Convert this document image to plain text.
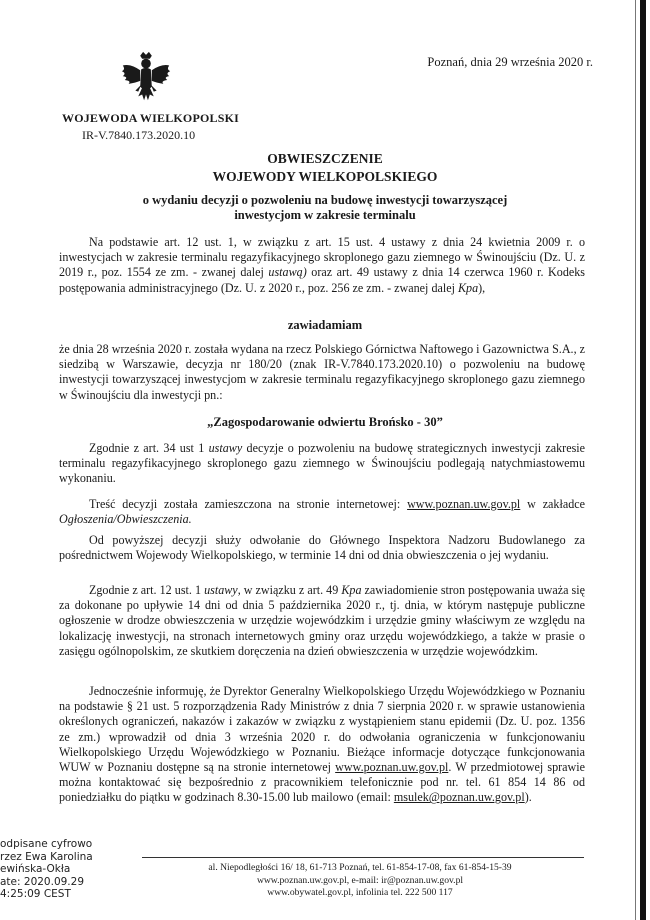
Poznań, dnia 29 września 2020 r.
WOJEWODA WIELKOPOLSKI
IR-V.7840.173.2020.10
OBWIESZCZENIE
WOJEWODY WIELKOPOLSKIEGO
o wydaniu decyzji o pozwoleniu na budowę inwestycji towarzyszącej
inwestycjom w zakresie terminalu

Na podstawie art. 12 ust. 1, w związku z art. 15 ust. 4 ustawy z dnia 24 kwietnia 2009 r. o inwestycjach w zakresie terminalu regazyfikacyjnego skroplonego gazu ziemnego w Świnoujściu (Dz. U. z 2019 r., poz. 1554 ze zm. - zwanej dalej ustawą) oraz art. 49 ustawy z dnia 14 czerwca 1960 r. Kodeks postępowania administracyjnego (Dz. U. z 2020 r., poz. 256 ze zm. - zwanej dalej Kpa),

zawiadamiam

że dnia 28 września 2020 r. została wydana na rzecz Polskiego Górnictwa Naftowego i Gazownictwa S.A., z siedzibą w Warszawie, decyzja nr 180/20 (znak IR-V.7840.173.2020.10) o pozwoleniu na budowę inwestycji towarzyszącej inwestycjom w zakresie terminalu regazyfikacyjnego skroplonego gazu ziemnego w Świnoujściu dla inwestycji pn.:

„Zagospodarowanie odwiertu Brońsko - 30”

Zgodnie z art. 34 ust 1 ustawy decyzje o pozwoleniu na budowę strategicznych inwestycji zakresie terminalu regazyfikacyjnego skroplonego gazu ziemnego w Świnoujściu podlegają natychmiastowemu wykonaniu.

Treść decyzji została zamieszczona na stronie internetowej: www.poznan.uw.gov.pl w zakładce Ogłoszenia/Obwieszczenia.

Od powyższej decyzji służy odwołanie do Głównego Inspektora Nadzoru Budowlanego za pośrednictwem Wojewody Wielkopolskiego, w terminie 14 dni od dnia obwieszczenia o jej wydaniu.

Zgodnie z art. 12 ust. 1 ustawy, w związku z art. 49 Kpa zawiadomienie stron postępowania uważa się za dokonane po upływie 14 dni od dnia 5 października 2020 r., tj. dnia, w którym następuje publiczne ogłoszenie w drodze obwieszczenia w urzędzie wojewódzkim i urzędzie gminy właściwym ze względu na lokalizację inwestycji, na stronach internetowych gminy oraz urzędu wojewódzkiego, a także w prasie o zasięgu ogólnopolskim, ze skutkiem doręczenia na dzień obwieszczenia w urzędzie wojewódzkim.

Jednocześnie informuję, że Dyrektor Generalny Wielkopolskiego Urzędu Wojewódzkiego w Poznaniu na podstawie § 21 ust. 5 rozporządzenia Rady Ministrów z dnia 7 sierpnia 2020 r. w sprawie ustanowienia określonych ograniczeń, nakazów i zakazów w związku z wystąpieniem stanu epidemii (Dz. U. poz. 1356 ze zm.) wprowadził od dnia 3 września 2020 r. do odwołania ograniczenia w funkcjonowaniu Wielkopolskiego Urzędu Wojewódzkiego w Poznaniu. Bieżące informacje dotyczące funkcjonowania WUW w Poznaniu dostępne są na stronie internetowej www.poznan.uw.gov.pl. W przedmiotowej sprawie można kontaktować się bezpośrednio z pracownikiem telefonicznie pod nr. tel. 61 854 14 86 od poniedziałku do piątku w godzinach 8.30-15.00 lub mailowo (email: msulek@poznan.uw.gov.pl).

odpisane cyfrowo
rzez Ewa Karolina
ewińska-Okła
ate: 2020.09.29
4:25:09 CEST
al. Niepodległości 16/ 18, 61-713 Poznań, tel. 61-854-17-08, fax 61-854-15-39
www.poznan.uw.gov.pl, e-mail: ir@poznan.uw.gov.pl
www.obywatel.gov.pl, infolinia tel. 222 500 117
